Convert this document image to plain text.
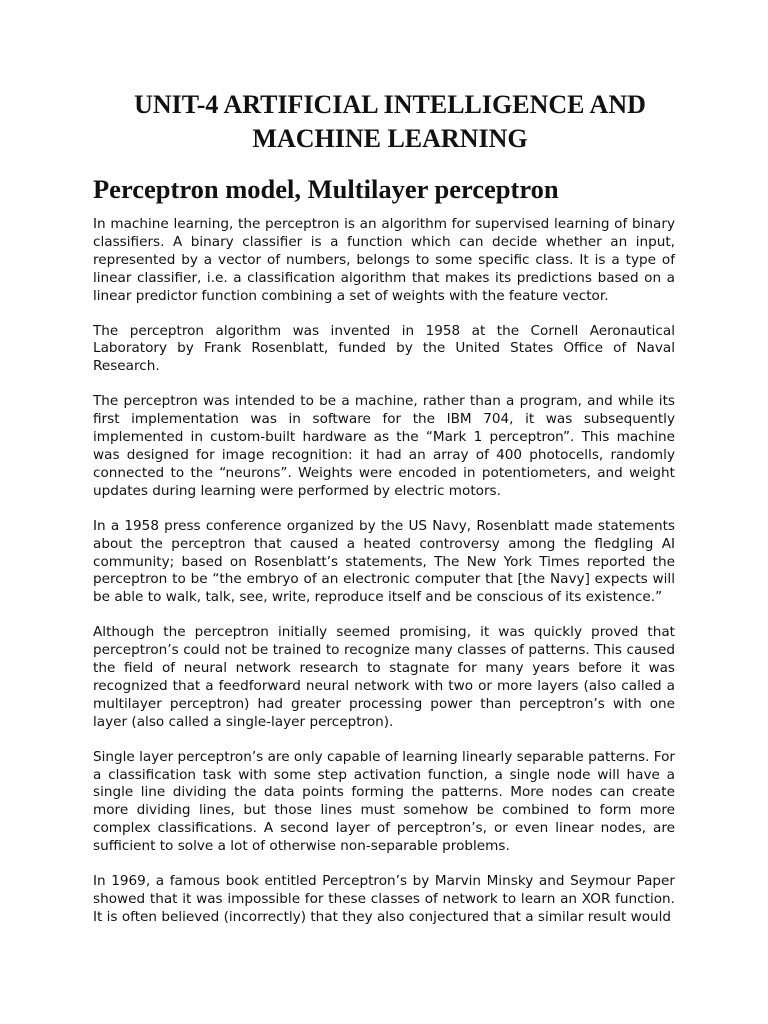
UNIT-4 ARTIFICIAL INTELLIGENCE AND MACHINE LEARNING
Perceptron model, Multilayer perceptron

In machine learning, the perceptron is an algorithm for supervised learning of binary classifiers. A binary classifier is a function which can decide whether an input, represented by a vector of numbers, belongs to some specific class. It is a type of linear classifier, i.e. a classification algorithm that makes its predictions based on a linear predictor function combining a set of weights with the feature vector.

The perceptron algorithm was invented in 1958 at the Cornell Aeronautical Laboratory by Frank Rosenblatt, funded by the United States Office of Naval Research.

The perceptron was intended to be a machine, rather than a program, and while its first implementation was in software for the IBM 704, it was subsequently implemented in custom-built hardware as the “Mark 1 perceptron”. This machine was designed for image recognition: it had an array of 400 photocells, randomly connected to the “neurons”. Weights were encoded in potentiometers, and weight updates during learning were performed by electric motors.

In a 1958 press conference organized by the US Navy, Rosenblatt made statements about the perceptron that caused a heated controversy among the fledgling AI community; based on Rosenblatt’s statements, The New York Times reported the perceptron to be “the embryo of an electronic computer that [the Navy] expects will be able to walk, talk, see, write, reproduce itself and be conscious of its existence.”

Although the perceptron initially seemed promising, it was quickly proved that perceptron’s could not be trained to recognize many classes of patterns. This caused the field of neural network research to stagnate for many years before it was recognized that a feedforward neural network with two or more layers (also called a multilayer perceptron) had greater processing power than perceptron’s with one layer (also called a single-layer perceptron).

Single layer perceptron’s are only capable of learning linearly separable patterns. For a classification task with some step activation function, a single node will have a single line dividing the data points forming the patterns. More nodes can create more dividing lines, but those lines must somehow be combined to form more complex classifications. A second layer of perceptron’s, or even linear nodes, are sufficient to solve a lot of otherwise non-separable problems.

In 1969, a famous book entitled Perceptron’s by Marvin Minsky and Seymour Paper showed that it was impossible for these classes of network to learn an XOR function. It is often believed (incorrectly) that they also conjectured that a similar result would
